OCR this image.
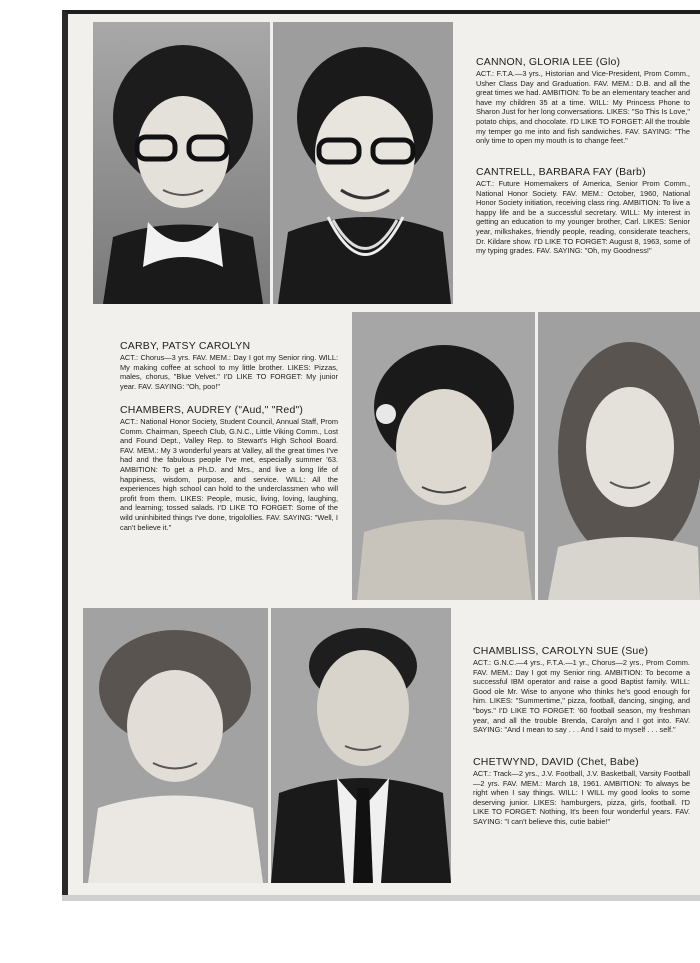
CANNON, GLORIA LEE (Glo)

ACT.: F.T.A.—3 yrs., Historian and Vice-President, Prom Comm., Usher Class Day and Graduation. FAV. MEM.: D.B. and all the great times we had. AMBITION: To be an elementary teacher and have my children 35 at a time. WILL: My Princess Phone to Sharon Just for her long conversations. LIKES: "So This Is Love," potato chips, and chocolate. I'D LIKE TO FORGET: All the trouble my temper go me into and fish sandwiches. FAV. SAYING: "The only time to open my mouth is to change feet."

CANTRELL, BARBARA FAY (Barb)

ACT.: Future Homemakers of America, Senior Prom Comm., National Honor Society. FAV. MEM.: October, 1960, National Honor Society initiation, receiving class ring. AMBITION: To live a happy life and be a successful secretary. WILL: My interest in getting an education to my younger brother, Carl. LIKES: Senior year, milkshakes, friendly people, reading, considerate teachers, Dr. Kildare show. I'D LIKE TO FORGET: August 8, 1963, some of my typing grades. FAV. SAYING: "Oh, my Goodness!"

CARBY, PATSY CAROLYN

ACT.: Chorus—3 yrs. FAV. MEM.: Day I got my Senior ring. WILL: My making coffee at school to my little brother. LIKES: Pizzas, males, chorus, "Blue Velvet." I'D LIKE TO FORGET: My junior year. FAV. SAYING: "Oh, poo!"

CHAMBERS, AUDREY ("Aud," "Red")

ACT.: National Honor Society, Student Council, Annual Staff, Prom Comm. Chairman, Speech Club, G.N.C., Little Viking Comm., Lost and Found Dept., Valley Rep. to Stewart's High School Board. FAV. MEM.: My 3 wonderful years at Valley, all the great times I've had and the fabulous people I've met, especially summer '63. AMBITION: To get a Ph.D. and Mrs., and live a long life of happiness, wisdom, purpose, and service. WILL: All the experiences high school can hold to the underclassmen who will profit from them. LIKES: People, music, living, loving, laughing, and learning; tossed salads. I'D LIKE TO FORGET: Some of the wild uninhibited things I've done, trigolollies. FAV. SAYING: "Well, I can't believe it."

CHAMBLISS, CAROLYN SUE (Sue)

ACT.: G.N.C.—4 yrs., F.T.A.—1 yr., Chorus—2 yrs., Prom Comm. FAV. MEM.: Day I got my Senior ring. AMBITION: To become a successful IBM operator and raise a good Baptist family. WILL: Good ole Mr. Wise to anyone who thinks he's good enough for him. LIKES: "Summertime," pizza, football, dancing, singing, and "boys." I'D LIKE TO FORGET: '60 football season, my freshman year, and all the trouble Brenda, Carolyn and I got into. FAV. SAYING: "And I mean to say . . . And I said to myself . . . self."

CHETWYND, DAVID (Chet, Babe)

ACT.: Track—2 yrs., J.V. Football, J.V. Basketball, Varsity Football—2 yrs. FAV. MEM.: March 18, 1961. AMBITION: To always be right when I say things. WILL: I WILL my good looks to some deserving junior. LIKES: hamburgers, pizza, girls, football. I'D LIKE TO FORGET: Nothing, It's been four wonderful years. FAV. SAYING: "I can't believe this, cutie babie!"

38
